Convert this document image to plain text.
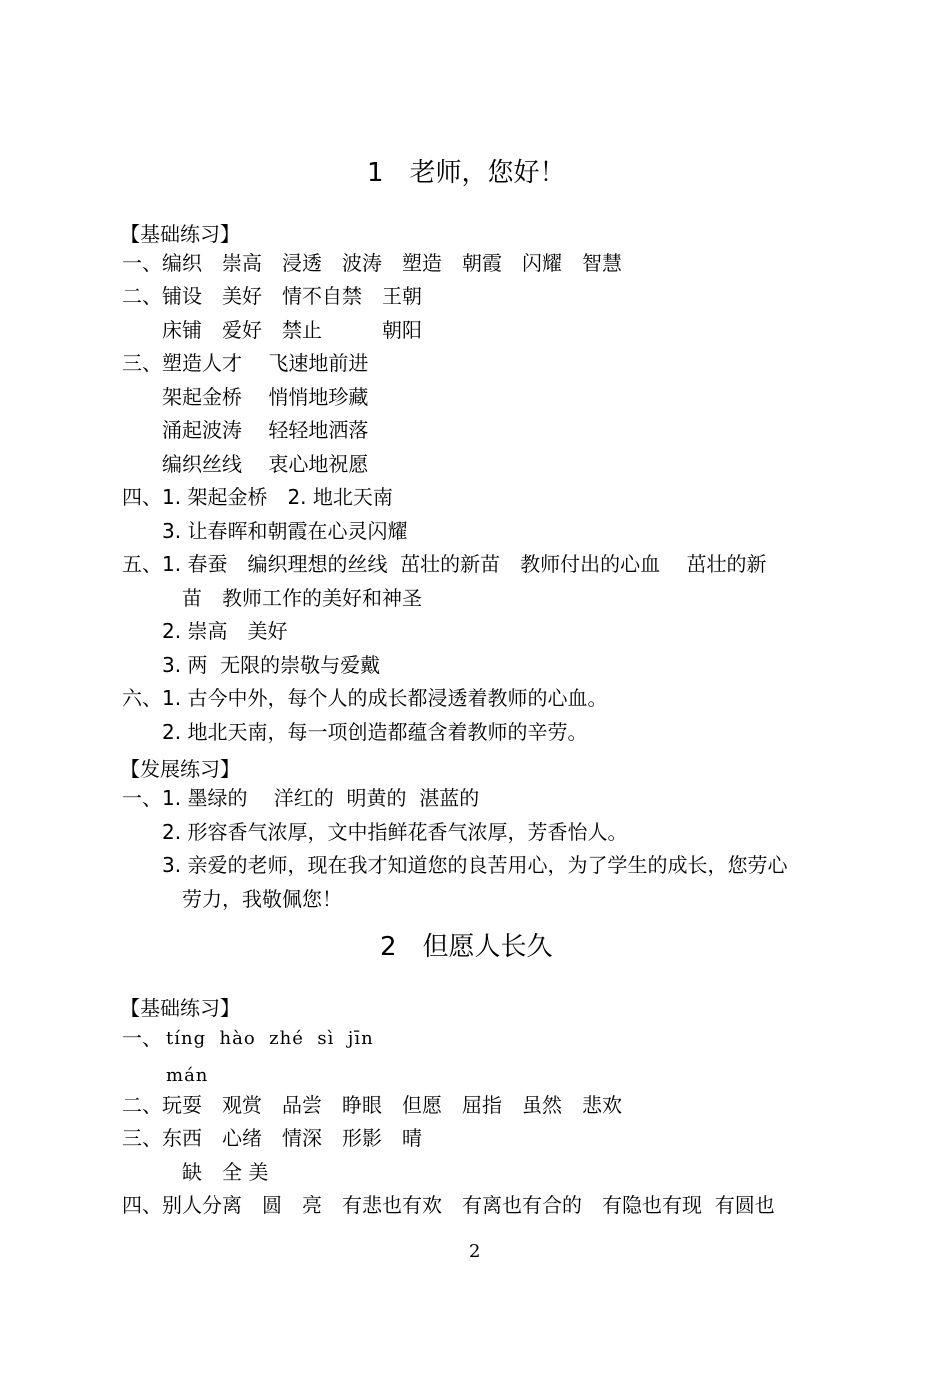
1　老师，您好！
【基础练习】
一、编织　崇高　浸透　波涛　塑造　朝霞　闪耀　智慧
二、铺设　美好　情不自禁　王朝
　　床铺　爱好　禁止　　　朝阳
三、塑造人才　 飞速地前进
　　架起金桥　 悄悄地珍藏
　　涌起波涛　 轻轻地洒落
　　编织丝线　 衷心地祝愿
四、1. 架起金桥　2. 地北天南
　　3. 让春晖和朝霞在心灵闪耀
五、1. 春蚕　编织理想的丝线  茁壮的新苗　教师付出的心血　 茁壮的新
　　　苗　教师工作的美好和神圣
　　2. 崇高　美好
　　3. 两  无限的崇敬与爱戴
六、1. 古今中外，每个人的成长都浸透着教师的心血。
　　2. 地北天南，每一项创造都蕴含着教师的辛劳。
【发展练习】
一、1. 墨绿的　 洋红的  明黄的  湛蓝的
　　2. 形容香气浓厚，文中指鲜花香气浓厚，芳香怡人。
　　3. 亲爱的老师，现在我才知道您的良苦用心，为了学生的成长，您劳心
　　　劳力，我敬佩您！
2　但愿人长久
【基础练习】
一、 tíng  hào  zhé  sì  jīn
mán
二、玩耍　观赏　品尝　睁眼　但愿　屈指　虽然　悲欢
三、东西　心绪　情深　形影　晴
　　　缺　全 美
四、别人分离　圆　亮　有悲也有欢　有离也有合的　有隐也有现  有圆也
2
